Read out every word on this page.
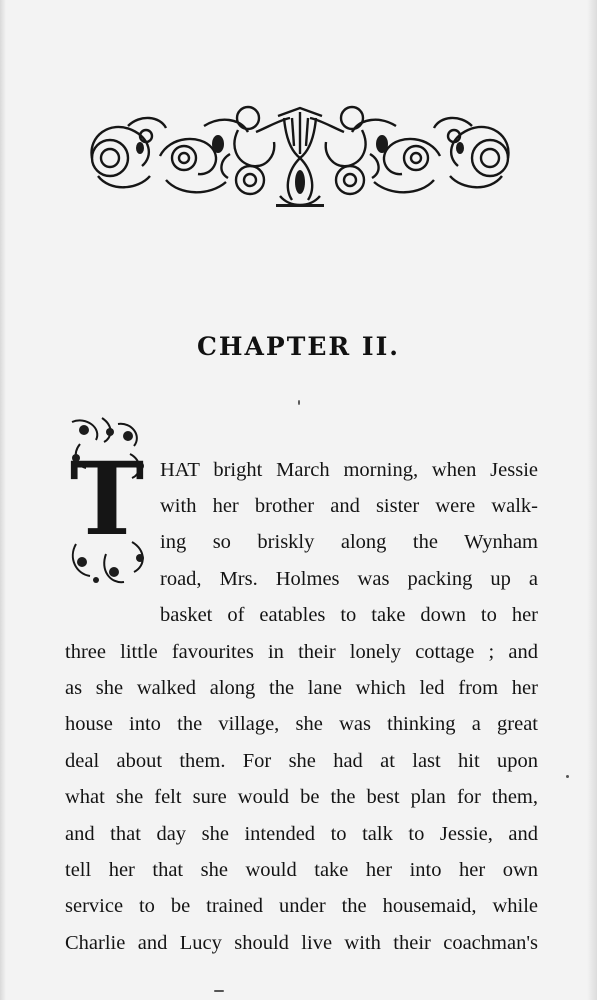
CHAPTER II.
T HAT bright March morning, when Jessie
with her brother and sister were walk-
ing so briskly along the Wynham
road, Mrs. Holmes was packing up a
basket of eatables to take down to her
three little favourites in their lonely cottage ; and
as she walked along the lane which led from her
house into the village, she was thinking a great
deal about them. For she had at last hit upon
what she felt sure would be the best plan for them,
and that day she intended to talk to Jessie, and
tell her that she would take her into her own
service to be trained under the housemaid, while
Charlie and Lucy should live with their coachman's
